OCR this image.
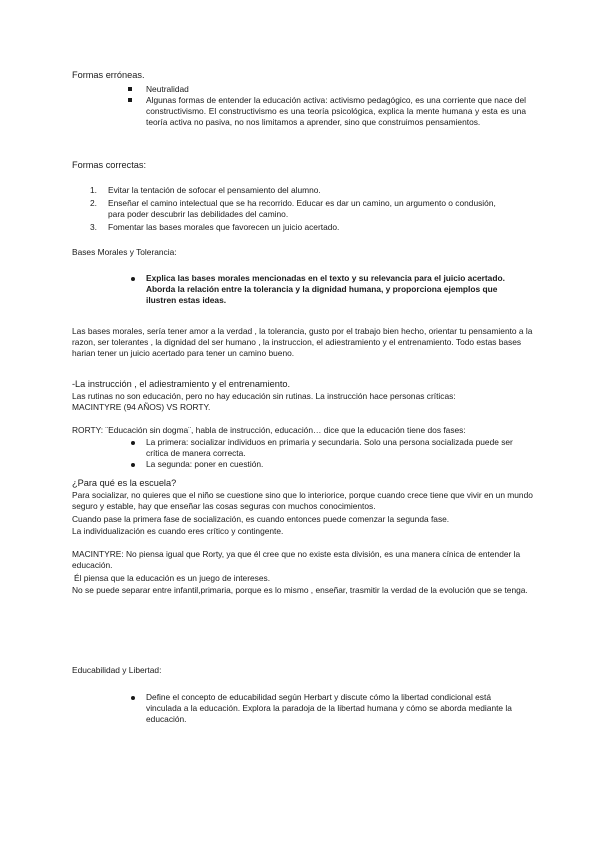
Formas erróneas.
Neutralidad
Algunas formas de entender la educación activa: activismo pedagógico, es una corriente que nace del constructivismo. El constructivismo es una teoría psicológica, explica la mente humana y esta es una teoría activa no pasiva, no nos limitamos a aprender, sino que construimos pensamientos.
Formas correctas:
1. Evitar la tentación de sofocar el pensamiento del alumno.
2. Enseñar el camino intelectual que se ha recorrido. Educar es dar un camino, un argumento o condusión, para poder descubrir las debilidades del camino.
3. Fomentar las bases morales que favorecen un juicio acertado.
Bases Morales y Tolerancia:
Explica las bases morales mencionadas en el texto y su relevancia para el juicio acertado. Aborda la relación entre la tolerancia y la dignidad humana, y proporciona ejemplos que ilustren estas ideas.
Las bases morales, sería tener amor a la verdad , la tolerancia, gusto por el trabajo bien hecho, orientar tu pensamiento a la razon, ser tolerantes , la dignidad del ser humano , la instruccion, el adiestramiento y el entrenamiento. Todo estas bases harian tener un juicio acertado para tener un camino bueno.
-La instrucción , el adiestramiento y el entrenamiento.
Las rutinas no son educación, pero no hay educación sin rutinas. La instrucción hace personas críticas:
MACINTYRE (94 AÑOS) VS RORTY.
RORTY: ¨Educación sin dogma¨, habla de instrucción, educación… dice que la educación tiene dos fases:
La primera: socializar individuos en primaria y secundaria. Solo una persona socializada puede ser crítica de manera correcta.
La segunda: poner en cuestión.
¿Para qué es la escuela?
Para socializar, no quieres que el niño se cuestione sino que lo interiorice, porque cuando crece tiene que vivir en un mundo seguro y estable, hay que enseñar las cosas seguras con muchos conocimientos.
Cuando pase la primera fase de socialización, es cuando entonces puede comenzar la segunda fase.
La individualización es cuando eres crítico y contingente.
MACINTYRE: No piensa igual que Rorty, ya que él cree que no existe esta división, es una manera cínica de entender la educación.
Él piensa que la educación es un juego de intereses.
No se puede separar entre infantil,primaria, porque es lo mismo , enseñar, trasmitir la verdad de la evolución que se tenga.
Educabilidad y Libertad:
Define el concepto de educabilidad según Herbart y discute cómo la libertad condicional está vinculada a la educación. Explora la paradoja de la libertad humana y cómo se aborda mediante la educación.
